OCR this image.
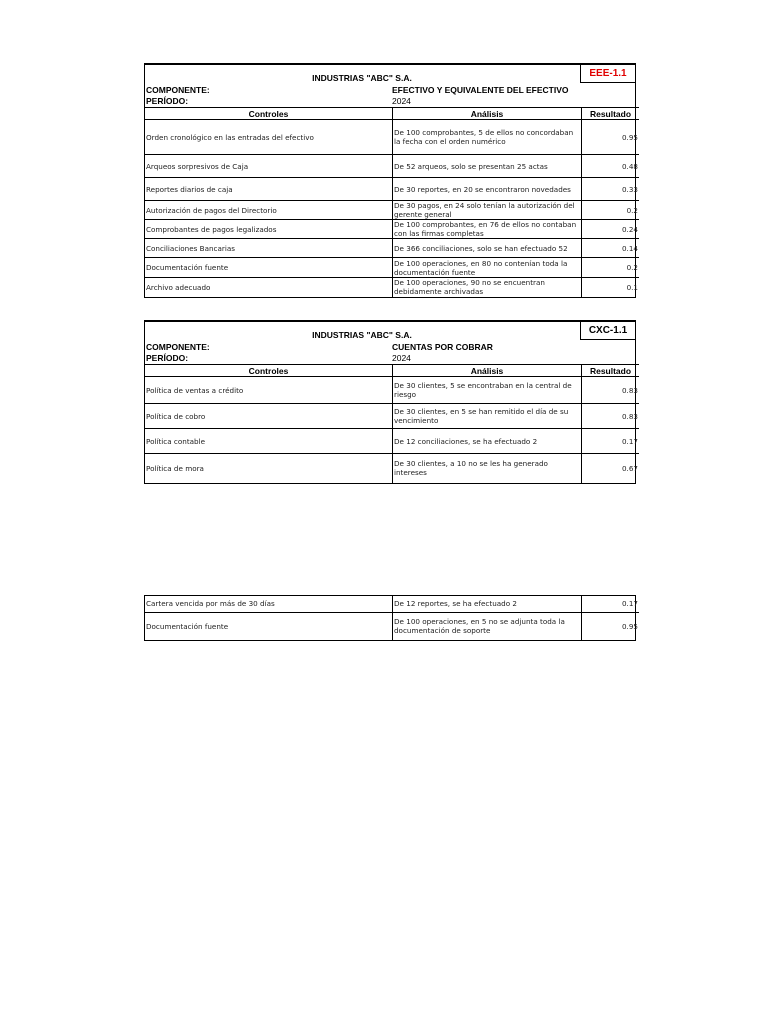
INDUSTRIAS "ABC" S.A.	EEE-1.1
COMPONENTE:	EFECTIVO Y EQUIVALENTE DEL EFECTIVO
PERÍODO:	2024
Controles	Análisis	Resultado
Orden cronológico en las entradas del efectivo	De 100 comprobantes, 5 de ellos no concordaban la fecha con el orden numérico	0.95
Arqueos sorpresivos de Caja	De 52 arqueos, solo se presentan 25 actas	0.48
Reportes diarios de caja	De 30 reportes, en 20 se encontraron novedades	0.33
Autorización de pagos del Directorio	De 30 pagos, en 24 solo tenían la autorización del gerente general	0.2
Comprobantes de pagos legalizados	De 100 comprobantes, en 76 de ellos no contaban con las firmas completas	0.24
Conciliaciones Bancarias	De 366 conciliaciones, solo se han efectuado 52	0.14
Documentación fuente	De 100 operaciones, en 80 no contenían toda la documentación fuente	0.2
Archivo adecuado	De 100 operaciones, 90 no se encuentran debidamente archivadas	0.1
INDUSTRIAS "ABC" S.A.	CXC-1.1
COMPONENTE:	CUENTAS POR COBRAR
PERÍODO:	2024
Controles	Análisis	Resultado
Política de ventas a crédito	De 30 clientes, 5 se encontraban en la central de riesgo	0.83
Política de cobro	De 30 clientes, en 5 se han remitido el día de su vencimiento	0.83
Política contable	De 12 conciliaciones, se ha efectuado 2	0.17
Política de mora	De 30 clientes, a 10 no se les ha generado intereses	0.67
Cartera vencida por más de 30 días	De 12 reportes, se ha efectuado 2	0.17
Documentación fuente	De 100 operaciones, en 5 no se adjunta toda la documentación de soporte	0.95
